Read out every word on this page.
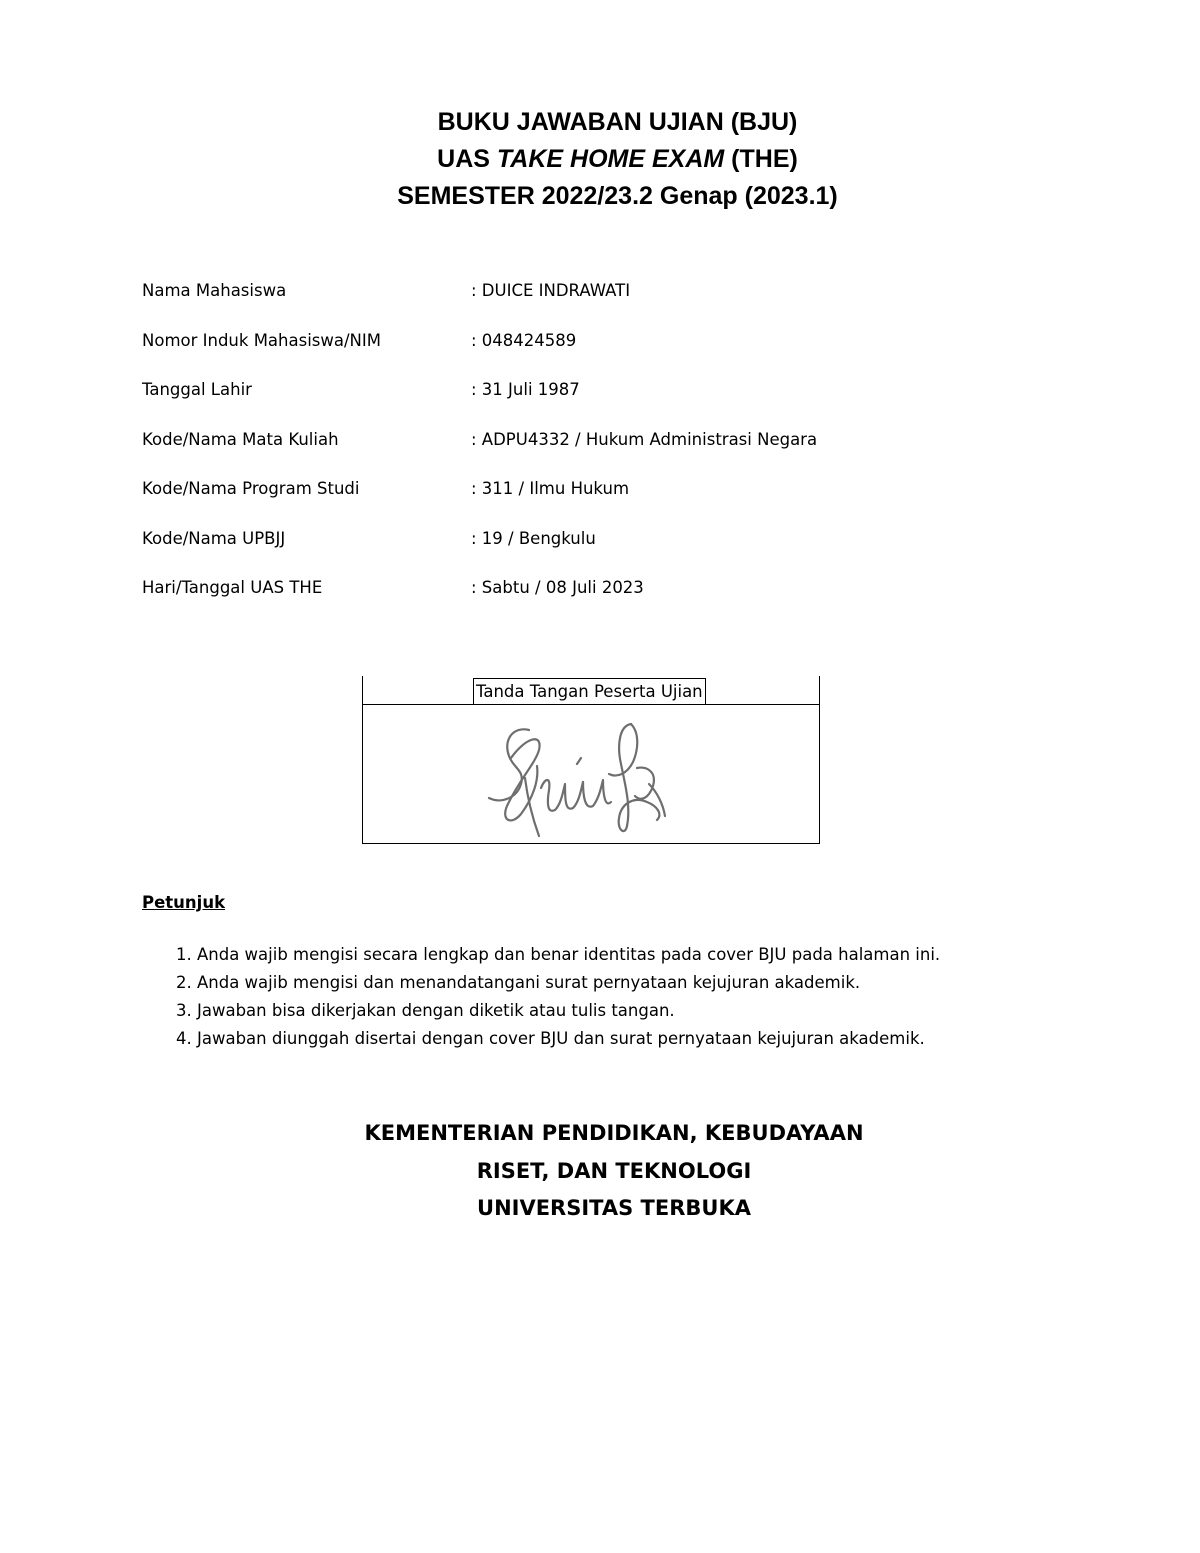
BUKU JAWABAN UJIAN (BJU)
UAS TAKE HOME EXAM (THE)
SEMESTER 2022/23.2 Genap (2023.1)
Nama Mahasiswa	: DUICE INDRAWATI
Nomor Induk Mahasiswa/NIM	: 048424589
Tanggal Lahir	: 31 Juli 1987
Kode/Nama Mata Kuliah	: ADPU4332 / Hukum Administrasi Negara
Kode/Nama Program Studi	: 311 / Ilmu Hukum
Kode/Nama UPBJJ	: 19 / Bengkulu
Hari/Tanggal UAS THE	: Sabtu / 08 Juli 2023
Tanda Tangan Peserta Ujian
Petunjuk
1. Anda wajib mengisi secara lengkap dan benar identitas pada cover BJU pada halaman ini.
2. Anda wajib mengisi dan menandatangani surat pernyataan kejujuran akademik.
3. Jawaban bisa dikerjakan dengan diketik atau tulis tangan.
4. Jawaban diunggah disertai dengan cover BJU dan surat pernyataan kejujuran akademik.
KEMENTERIAN PENDIDIKAN, KEBUDAYAAN
RISET, DAN TEKNOLOGI
UNIVERSITAS TERBUKA
